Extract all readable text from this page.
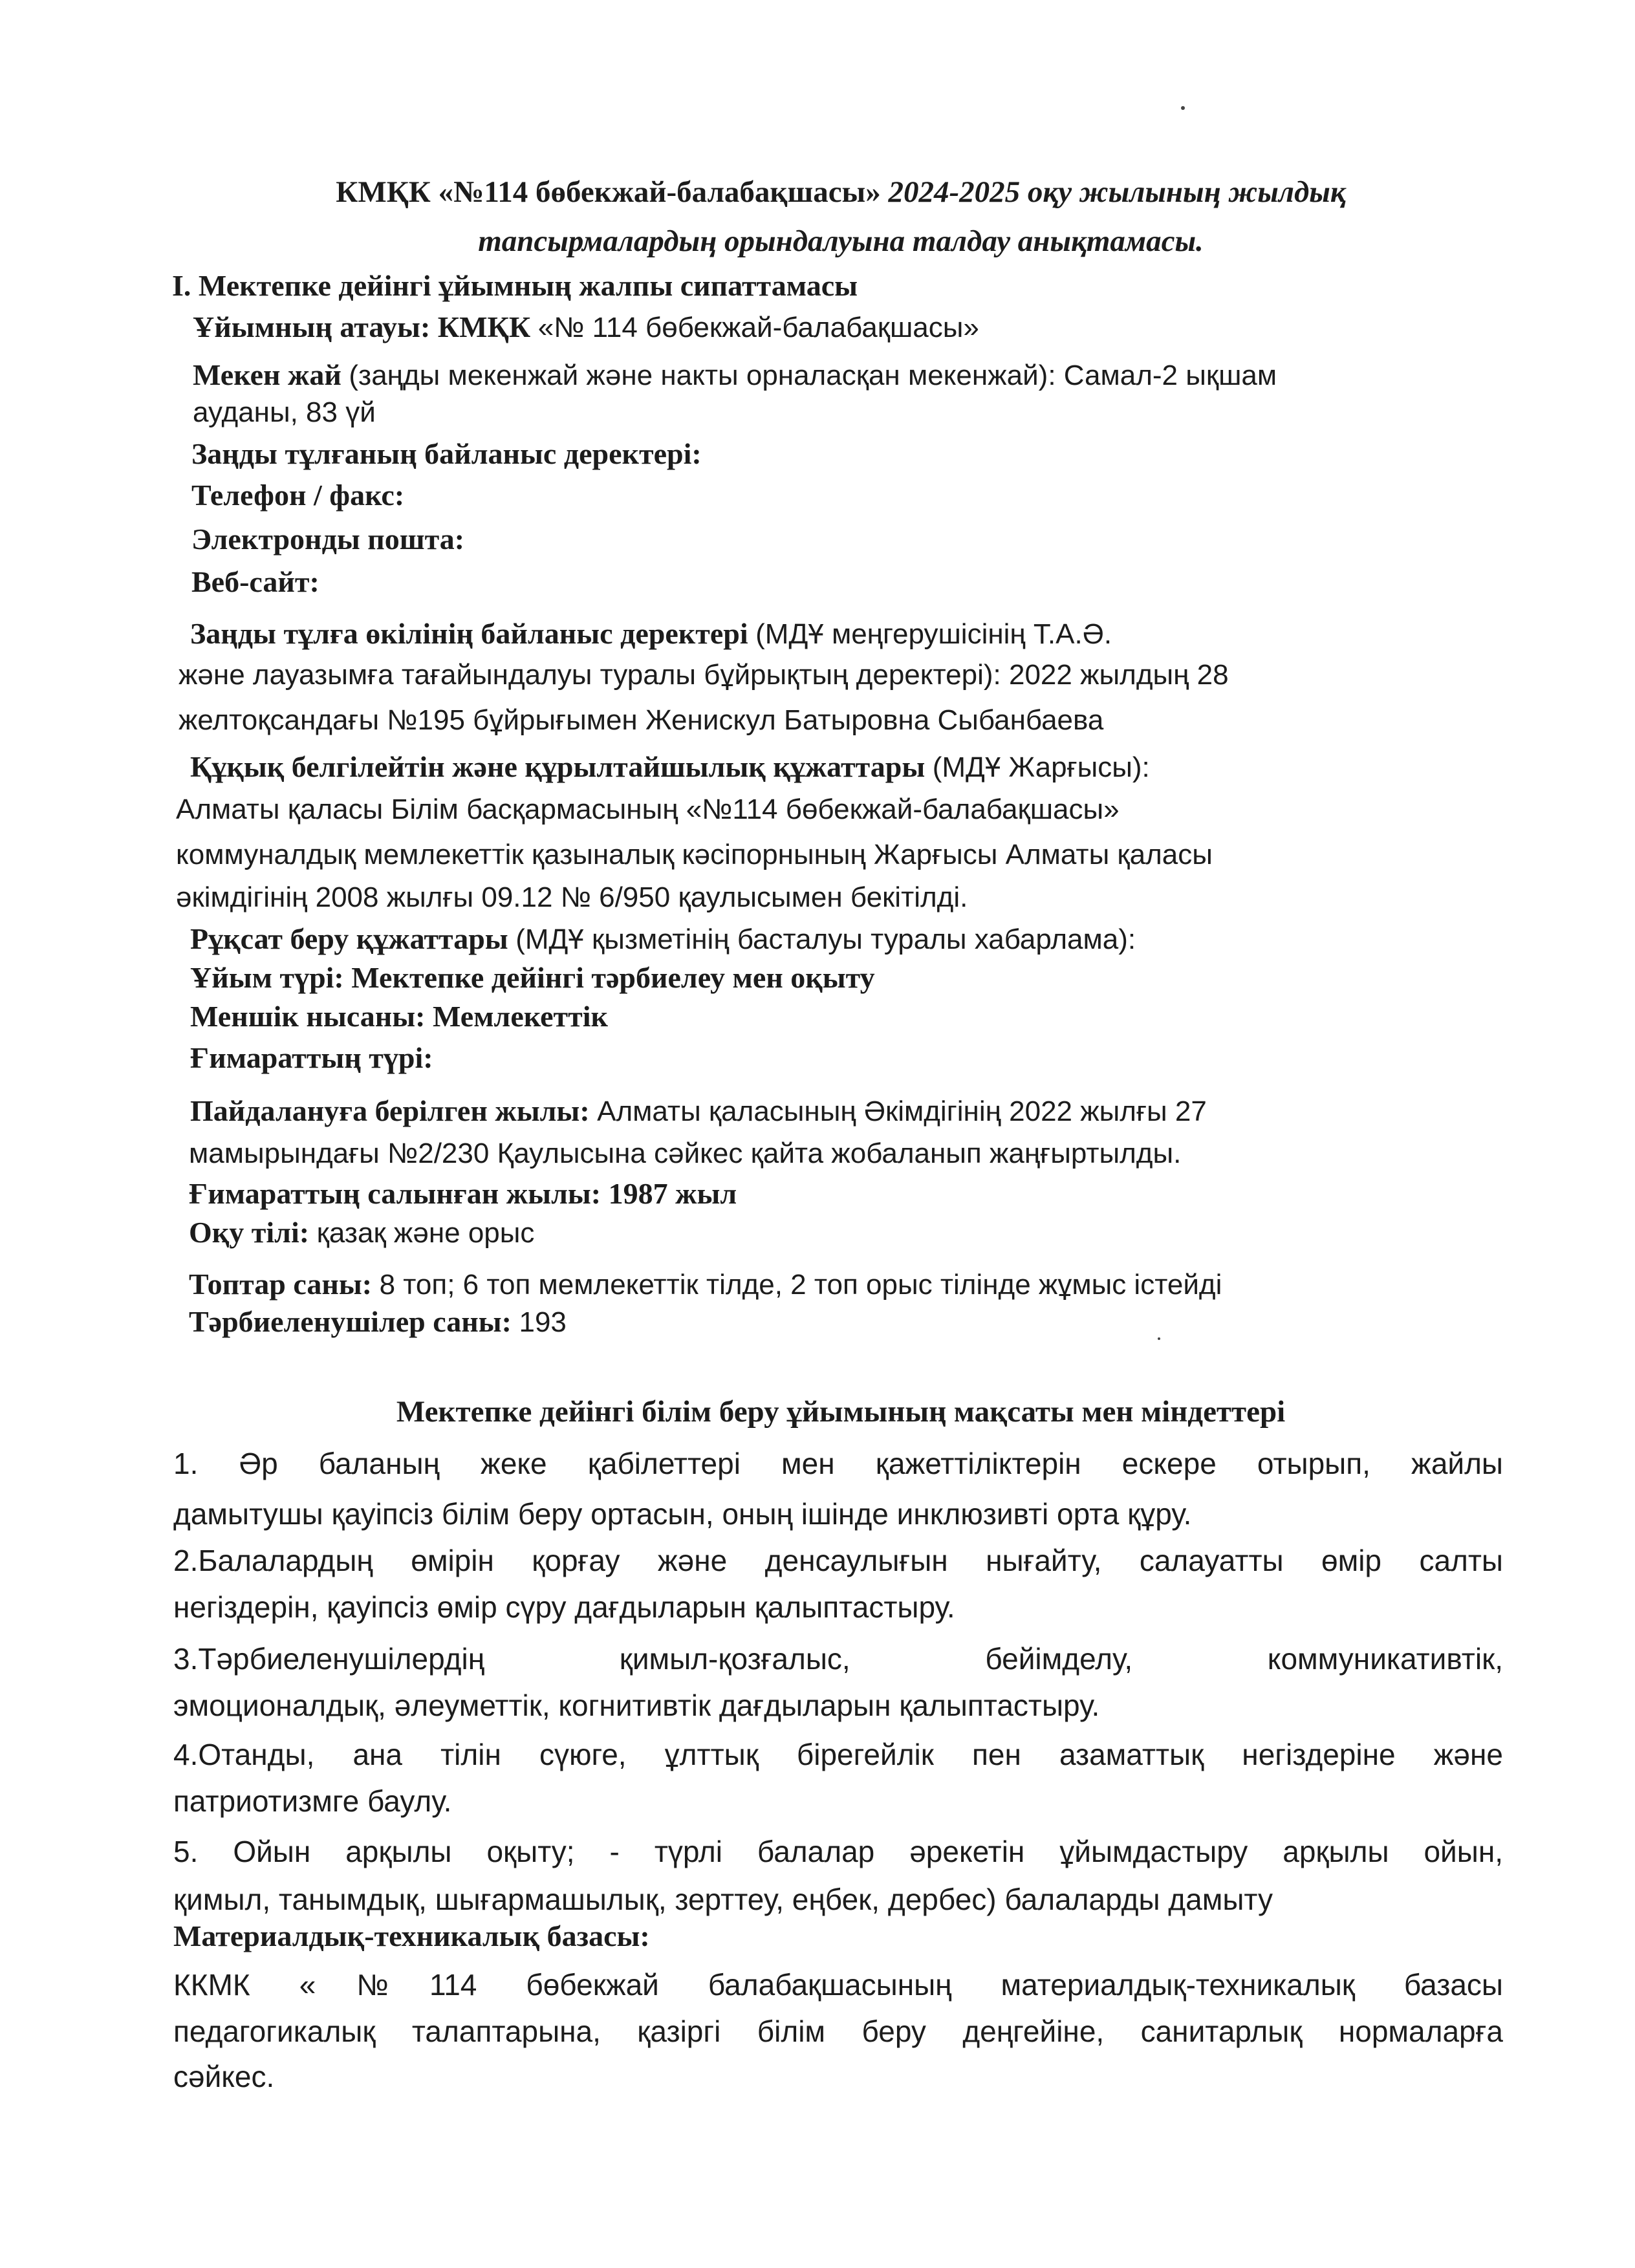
КМҚК «№114 бөбекжай-балабақшасы» 2024-2025 оқу жылының жылдық
тапсырмалардың орындалуына талдау анықтамасы.
І. Мектепке дейінгі ұйымның жалпы сипаттамасы
Ұйымның атауы: КМҚК «№ 114 бөбекжай-балабақшасы»
Мекен жай (заңды мекенжай және накты орналасқан мекенжай): Самал-2 ықшам
ауданы, 83 үй
Заңды тұлғаның байланыс деректері:
Телефон / факс:
Электронды пошта:
Веб-сайт:
Заңды тұлға өкілінің байланыс деректері (МДҰ меңгерушісінің Т.А.Ә.
және лауазымға тағайындалуы туралы бұйрықтың деректері): 2022 жылдың 28
желтоқсандағы №195 бұйрығымен Женискул Батыровна Сыбанбаева
Құқық белгілейтін және құрылтайшылық құжаттары (МДҰ Жарғысы):
Алматы қаласы Білім басқармасының «№114 бөбекжай-балабақшасы»
коммуналдық мемлекеттік қазыналық кәсіпорнының Жарғысы Алматы қаласы
әкімдігінің 2008 жылғы 09.12 № 6/950 қаулысымен бекітілді.
Рұқсат беру құжаттары (МДҰ қызметінің басталуы туралы хабарлама):
Ұйым түрі: Мектепке дейінгі тәрбиелеу мен оқыту
Меншік нысаны: Мемлекеттік
Ғимараттың түрі:
Пайдалануға берілген жылы: Алматы қаласының Әкімдігінің 2022 жылғы 27
мамырындағы №2/230 Қаулысына сәйкес қайта жобаланып жаңғыртылды.
Ғимараттың салынған жылы: 1987 жыл
Оқу тілі: қазақ және орыс
Топтар саны: 8 топ; 6 топ мемлекеттік тілде, 2 топ орыс тілінде жұмыс істейді
Тәрбиеленушілер саны: 193
Мектепке дейінгі білім беру ұйымының мақсаты мен міндеттері
1. Әр баланың жеке қабілеттері мен қажеттіліктерін ескере отырып, жайлы
дамытушы қауіпсіз білім беру ортасын, оның ішінде инклюзивті орта құру.
2.Балалардың өмірін қорғау және денсаулығын нығайту, салауатты өмір салты
негіздерін, қауіпсіз өмір сүру дағдыларын қалыптастыру.
3.Тәрбиеленушілердің қимыл-қозғалыс, бейімделу, коммуникативтік,
эмоционалдық, әлеуметтік, когнитивтік дағдыларын қалыптастыру.
4.Отанды, ана тілін сүюге, ұлттық бірегейлік пен азаматтық негіздеріне және
патриотизмге баулу.
5. Ойын арқылы оқыту; - түрлі балалар әрекетін ұйымдастыру арқылы ойын,
қимыл, танымдық, шығармашылық, зерттеу, еңбек, дербес) балаларды дамыту
Материалдық-техникалық базасы:
ККМК «№114 бөбекжай балабақшасының материалдық-техникалық базасы
педагогикалық талаптарына, қазіргі білім беру деңгейіне, санитарлық нормаларға
сәйкес.
